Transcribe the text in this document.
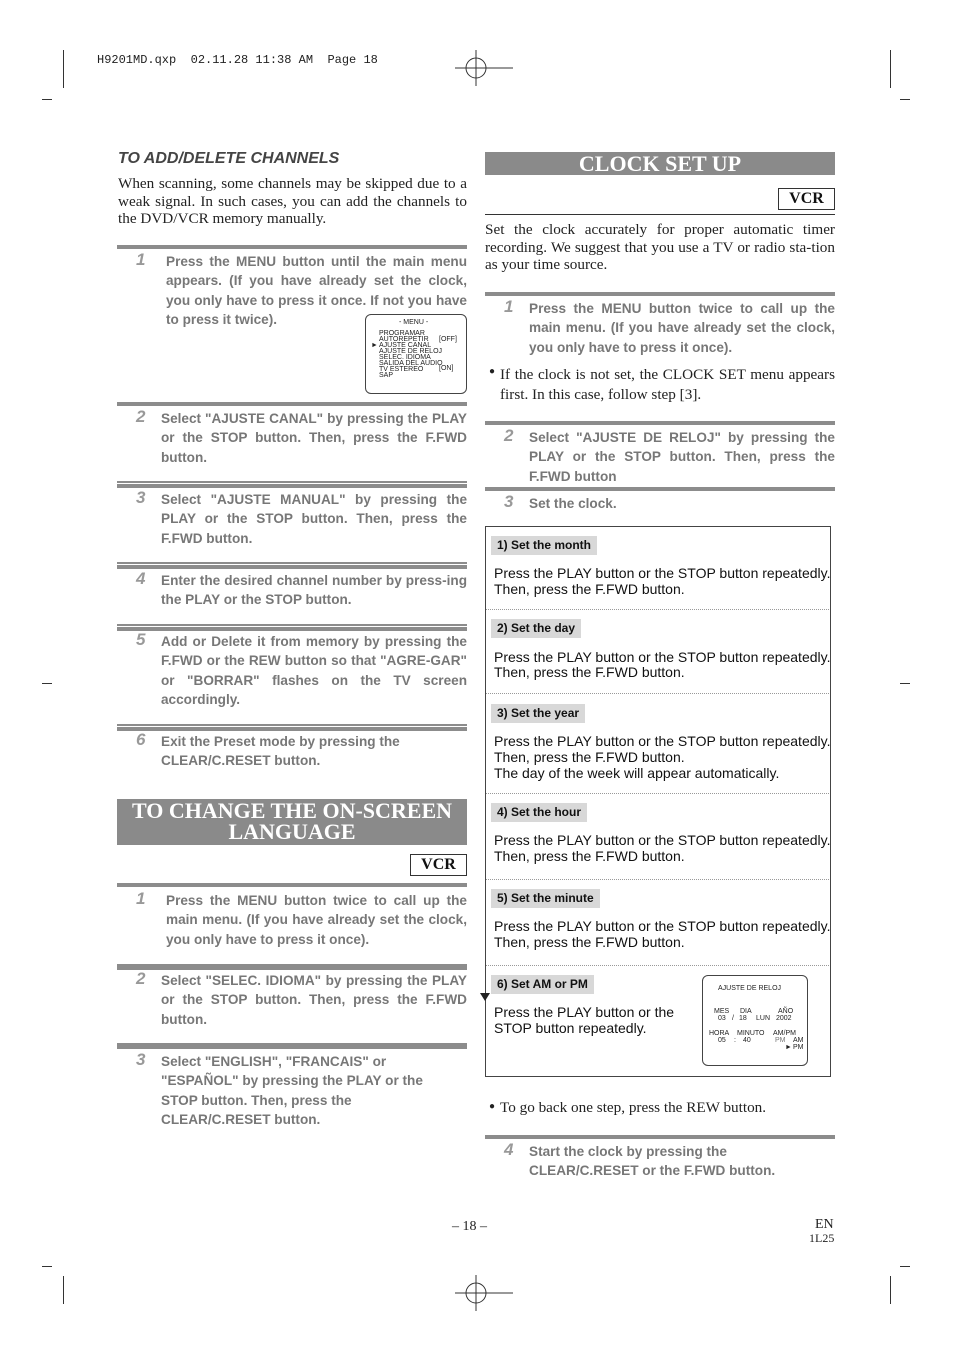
H9201MD.qxp  02.11.28 11:38 AM  Page 18
TO ADD/DELETE CHANNELS
When scanning, some channels may be skipped due to a weak signal. In such cases, you can add the channels to the DVD/VCR memory manually.
1 Press the MENU button until the main menu appears. (If you have already set the clock, you only have to press it once. If not you have to press it twice).	- MENU -
PROGRAMAR
AUTOREPETIR [OFF]
► AJUSTE CANAL
AJUSTE DE RELOJ
SELEC. IDIOMA
SALIDA DEL AUDIO
[ON]
TV ESTEREO
SAP
2 Select "AJUSTE CANAL" by pressing the PLAY or the STOP button. Then, press the F.FWD button.
3 Select "AJUSTE MANUAL" by pressing the PLAY or the STOP button. Then, press the F.FWD button.
4 Enter the desired channel number by press-ing the PLAY or the STOP button.
5 Add or Delete it from memory by pressing the F.FWD or the REW button so that "AGRE-GAR" or "BORRAR" flashes on the TV screen accordingly.
6 Exit the Preset mode by pressing the CLEAR/C.RESET button.
TO CHANGE THE ON-SCREEN
LANGUAGE
VCR
1 Press the MENU button twice to call up the main menu. (If you have already set the clock, you only have to press it once).
2 Select "SELEC. IDIOMA" by pressing the PLAY or the STOP button. Then, press the F.FWD button.
3 Select "ENGLISH", "FRANCAIS" or "ESPAÑOL" by pressing the PLAY or the STOP button. Then, press the CLEAR/C.RESET button.
CLOCK SET UP
VCR
Set the clock accurately for proper automatic timer recording. We suggest that you use a TV or radio sta-tion as your time source.
1 Press the MENU button twice to call up the main menu. (If you have already set the clock, you only have to press it once).
● If the clock is not set, the CLOCK SET menu appears first. In this case, follow step [3].
2 Select "AJUSTE DE RELOJ" by pressing the PLAY or the STOP button. Then, press the F.FWD button
3 Set the clock.
1) Set the month
Press the PLAY button or the STOP button repeatedly.
Then, press the F.FWD button.
2) Set the day
Press the PLAY button or the STOP button repeatedly.
Then, press the F.FWD button.
3) Set the year
Press the PLAY button or the STOP button repeatedly.
Then, press the F.FWD button.
The day of the week will appear automatically.
4) Set the hour
Press the PLAY button or the STOP button repeatedly.
Then, press the F.FWD button.
5) Set the minute
Press the PLAY button or the STOP button repeatedly.
Then, press the F.FWD button.
6) Set AM or PM
Press the PLAY button or the
STOP button repeatedly.
AJUSTE DE RELOJ
MES DIA	AÑO
03 / 18 LUN 2002
HORA MINUTO AM/PM
05 : 40	PM AM
► PM
● To go back one step, press the REW button.
4 Start the clock by pressing the CLEAR/C.RESET or the F.FWD button.
– 18 –	EN
1L25
